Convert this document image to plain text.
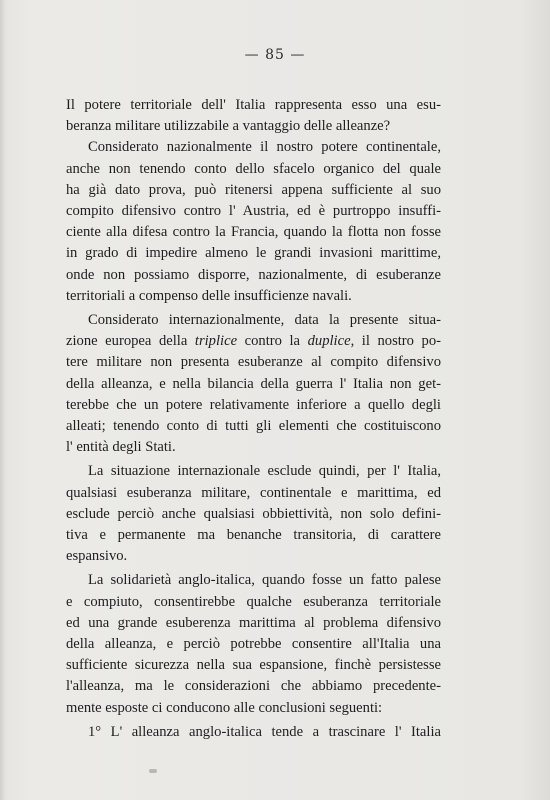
— 85 —

Il potere territoriale dell' Italia rappresenta esso una esu-
beranza militare utilizzabile a vantaggio delle alleanze?

Considerato nazionalmente il nostro potere continentale,
anche non tenendo conto dello sfacelo organico del quale
ha già dato prova, può ritenersi appena sufficiente al suo
compito difensivo contro l' Austria, ed è purtroppo insuffi-
ciente alla difesa contro la Francia, quando la flotta non fosse
in grado di impedire almeno le grandi invasioni marittime,
onde non possiamo disporre, nazionalmente, di esuberanze
territoriali a compenso delle insufficienze navali.

Considerato internazionalmente, data la presente situa-
zione europea della triplice contro la duplice, il nostro po-
tere militare non presenta esuberanze al compito difensivo
della alleanza, e nella bilancia della guerra l' Italia non get-
terebbe che un potere relativamente inferiore a quello degli
alleati; tenendo conto di tutti gli elementi che costituiscono
l' entità degli Stati.

La situazione internazionale esclude quindi, per l' Italia,
qualsiasi esuberanza militare, continentale e marittima, ed
esclude perciò anche qualsiasi obbiettività, non solo defini-
tiva e permanente ma benanche transitoria, di carattere
espansivo.

La solidarietà anglo-italica, quando fosse un fatto palese
e compiuto, consentirebbe qualche esuberanza territoriale
ed una grande esuberenza marittima al problema difensivo
della alleanza, e perciò potrebbe consentire all'Italia una
sufficiente sicurezza nella sua espansione, finchè persistesse
l'alleanza, ma le considerazioni che abbiamo precedente-
mente esposte ci conducono alle conclusioni seguenti:

1° L' alleanza anglo-italica tende a trascinare l' Italia
